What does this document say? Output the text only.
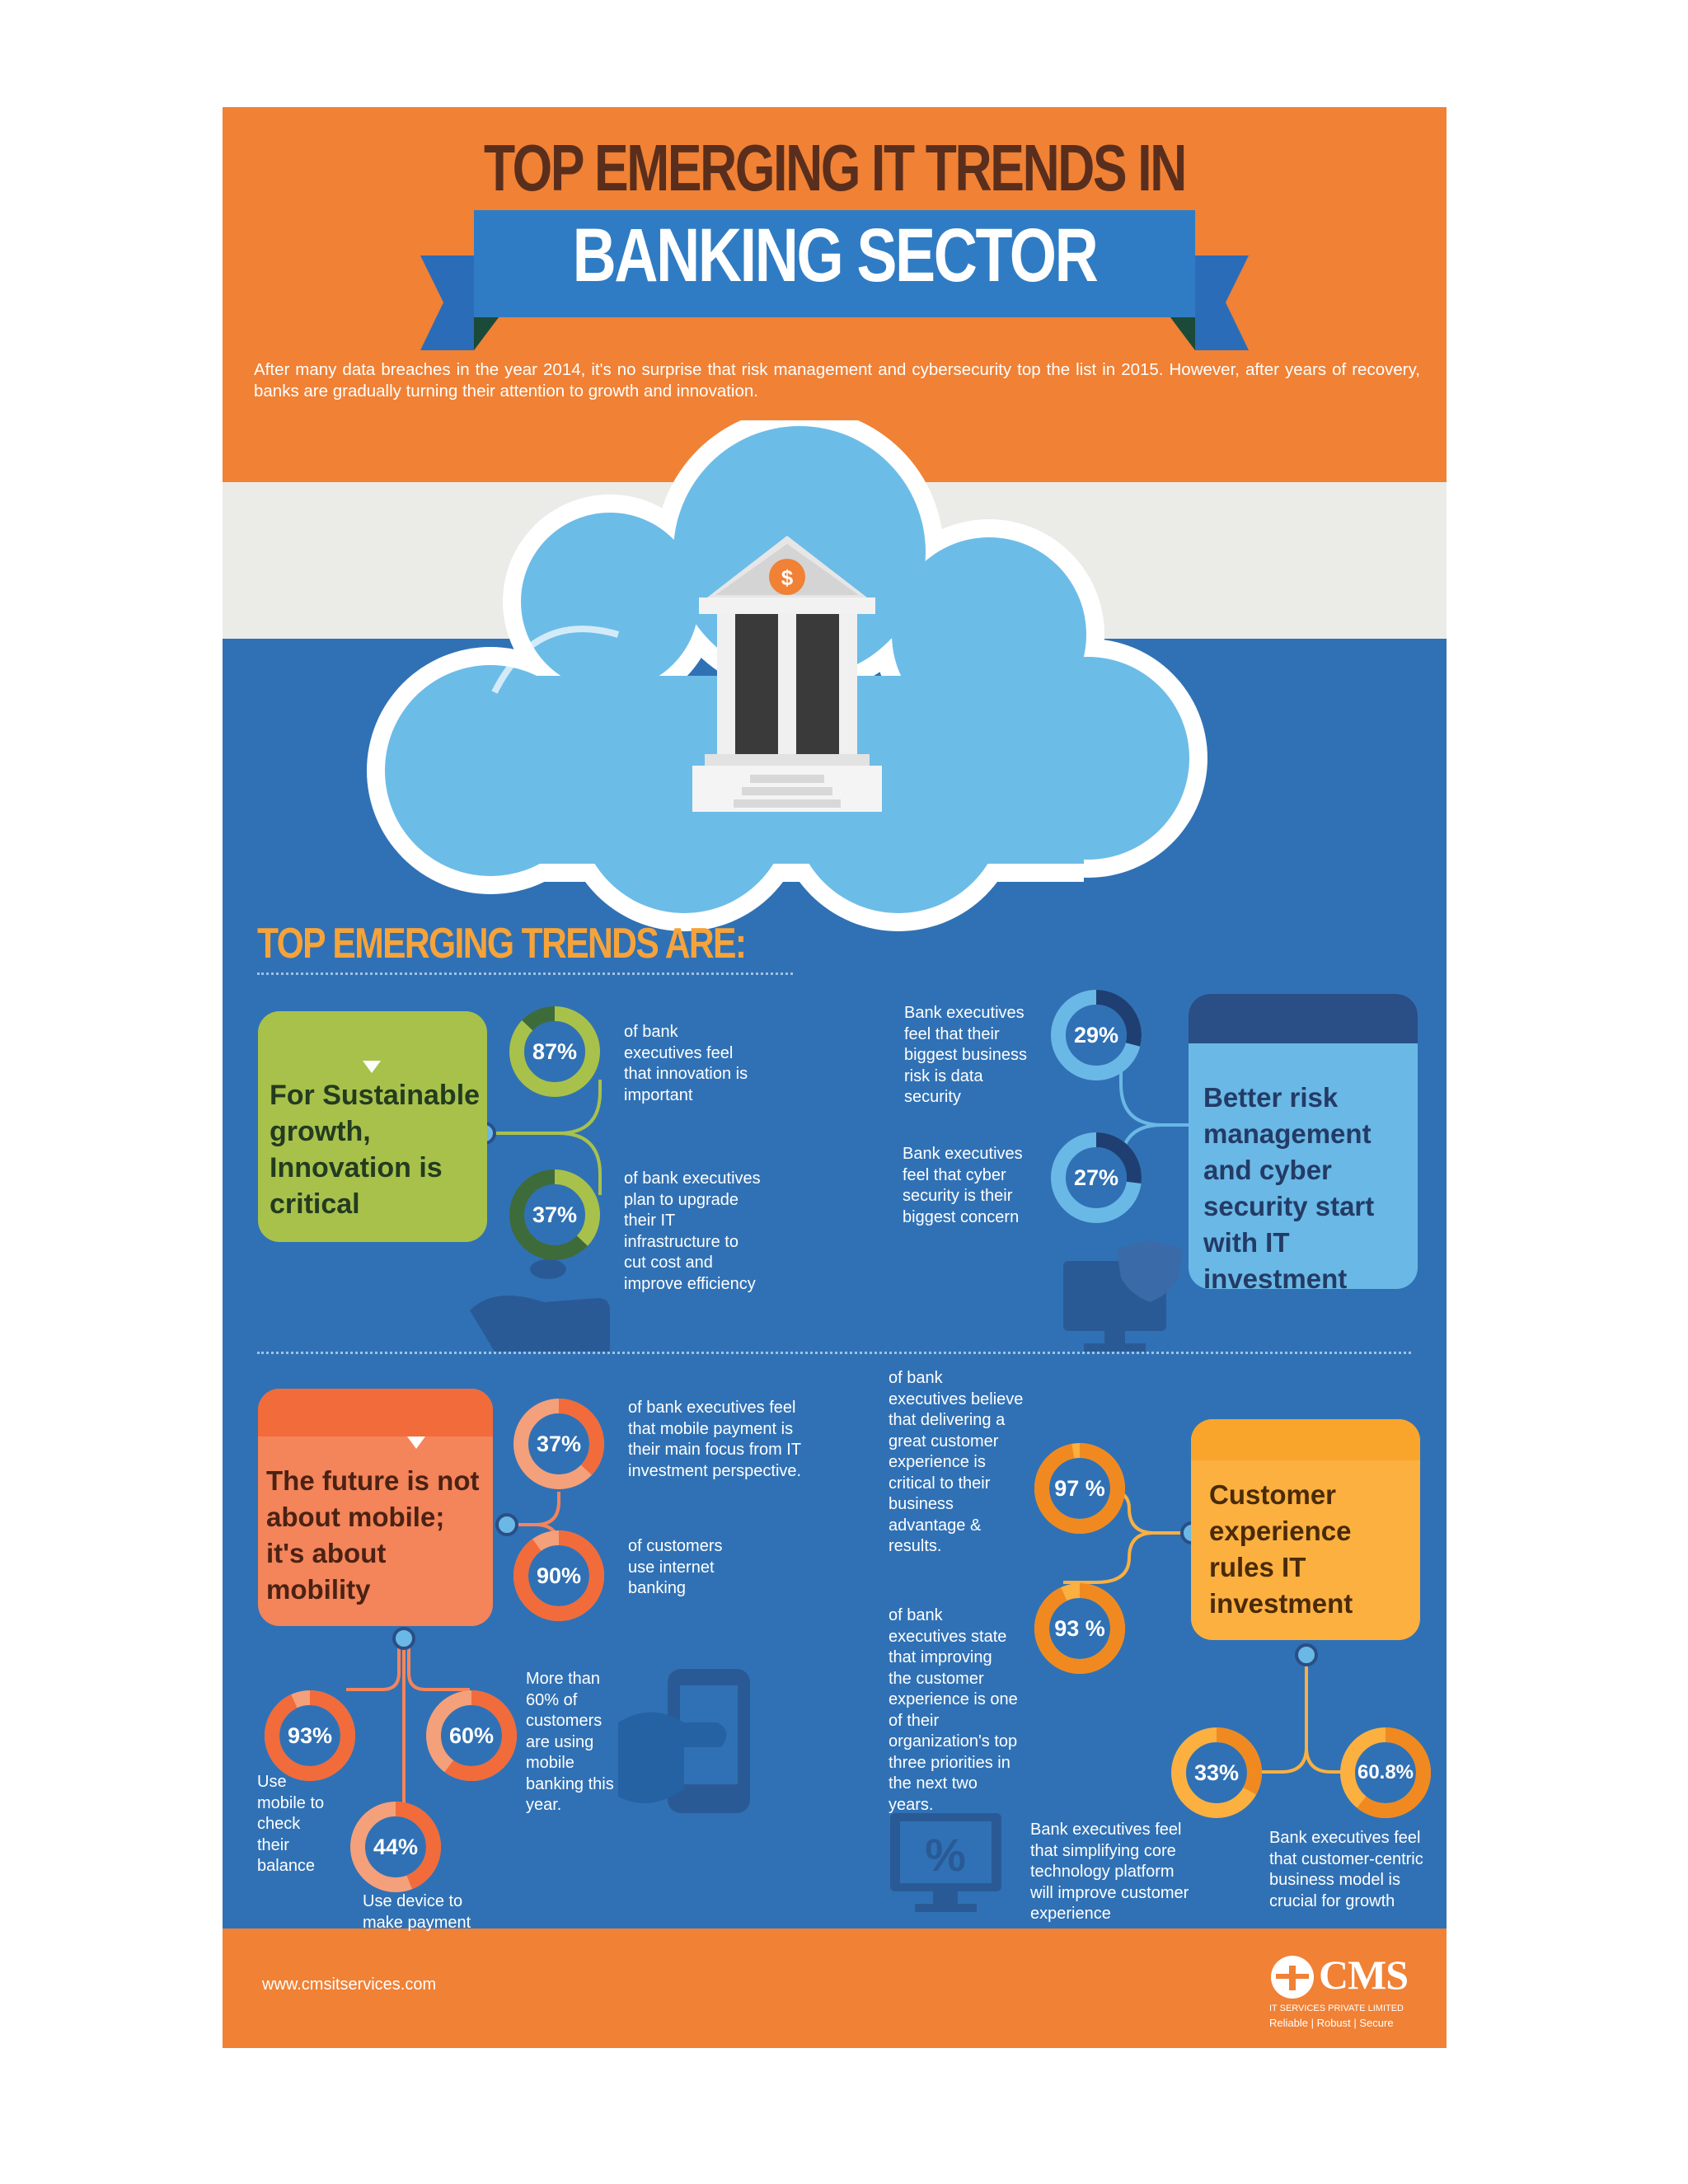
TOP EMERGING IT TRENDS IN
BANKING SECTOR
After many data breaches in the year 2014, it's no surprise that risk management and cybersecurity top the list in 2015. However, after years of recovery, banks are gradually turning their attention to growth and innovation.
$
TOP EMERGING TRENDS ARE:
%
For Sustainable
growth,
Innovation is
critical
Better risk
management
and cyber
security start
with IT
investment
The future is not
about mobile;
it's about
mobility
Customer
experience
rules IT
investment
87%
37%
29%
27%
37%
90%
93%	60%
44%
97 %
93 %
33%	60.8%
of bank
executives feel
that innovation is
important
of bank executives
plan to upgrade
their IT
infrastructure to
cut cost and
improve efficiency
Bank executives
feel that their
biggest business
risk is data
security
Bank executives
feel that cyber
security is their
biggest concern
of bank executives feel
that mobile payment is
their main focus from IT
investment perspective.
of customers
use internet
banking
Use
mobile to
check
their
balance
More than
60% of
customers
are using
mobile
banking this
year.
Use device to
make payment
of bank
executives believe
that delivering a
great customer
experience is
critical to their
business
advantage &
results.
of bank
executives state
that improving
the customer
experience is one
of their
organization's top
three priorities in
the next two
years.
Bank executives feel
that simplifying core
technology platform
will improve customer
experience
Bank executives feel
that customer-centric
business model is
crucial for growth
www.cmsitservices.com	CMS
IT SERVICES PRIVATE LIMITED
Reliable | Robust | Secure
